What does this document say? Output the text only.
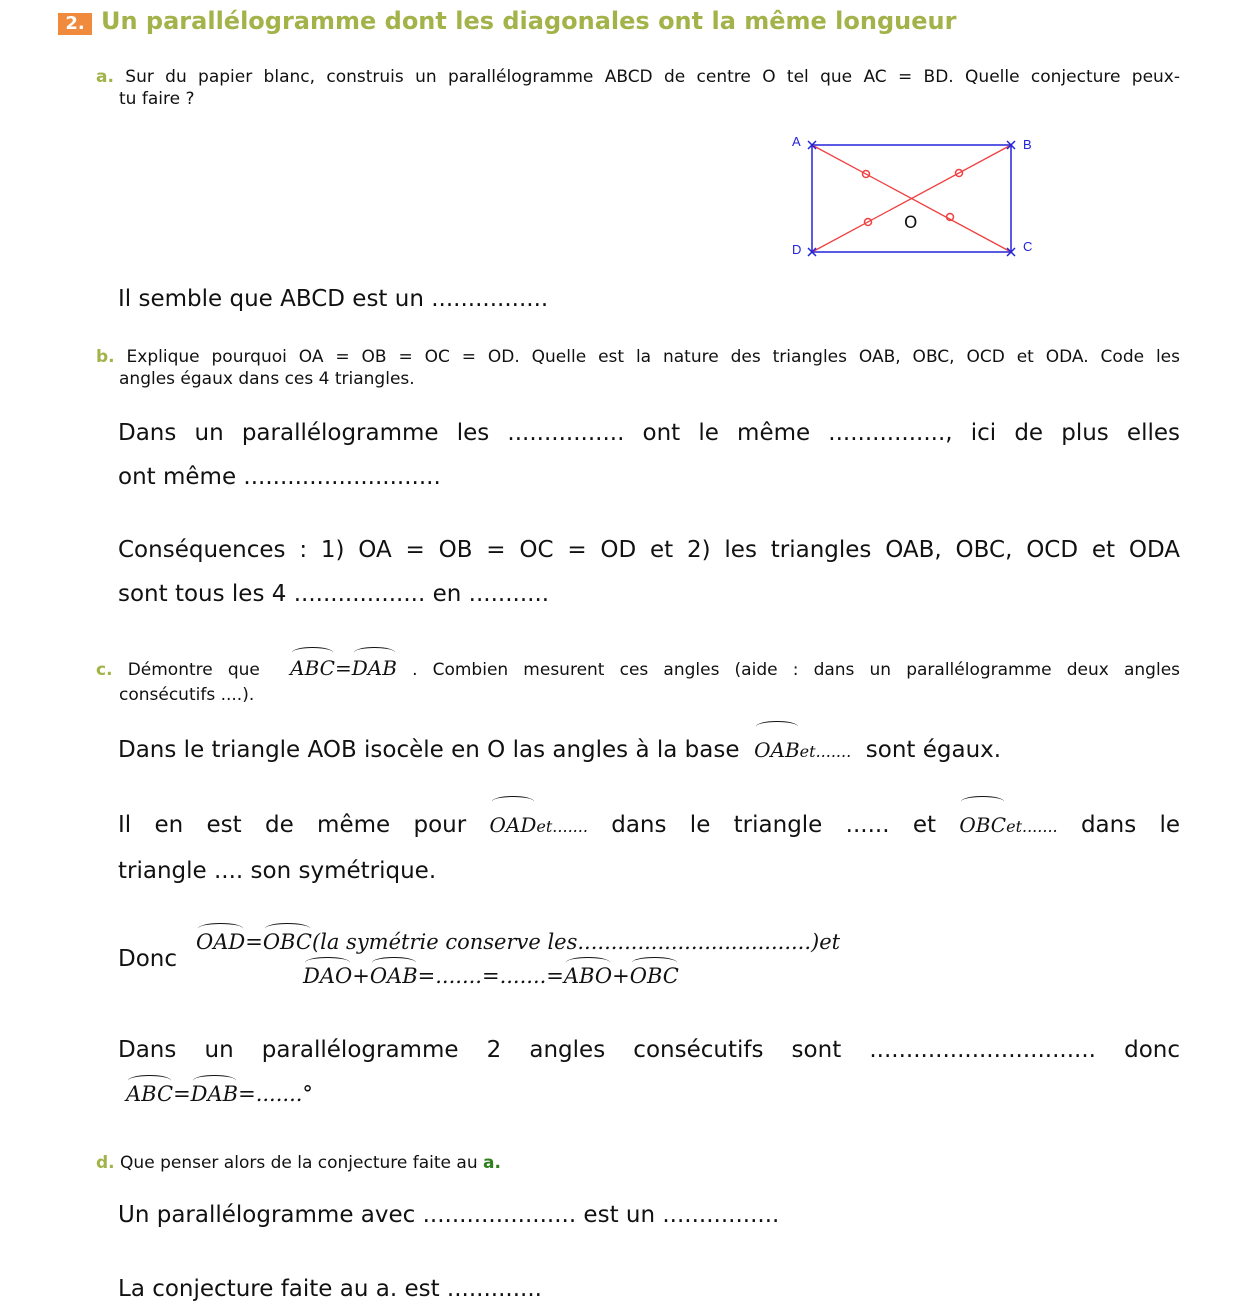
2. Un parallélogramme dont les diagonales ont la même longueur
a. Sur du papier blanc, construis un parallélogramme ABCD de centre O tel que AC = BD. Quelle conjecture peux-
tu faire ?
A	B
C
D
O
Il semble que ABCD est un ................
b. Explique pourquoi OA = OB = OC = OD. Quelle est la nature des triangles OAB, OBC, OCD et ODA. Code les
angles égaux dans ces 4 triangles.
Dans un parallélogramme les ................ ont le même ................, ici de plus elles
ont même ...........................
Conséquences : 1) OA = OB = OC = OD et 2) les triangles OAB, OBC, OCD et ODA
sont tous les 4 .................. en ...........
c. Démontre que ABC=DAB . Combien mesurent ces angles (aide : dans un parallélogramme deux angles
consécutifs ....).
Dans le triangle AOB isocèle en O las angles à la base OABet....... sont égaux.
Il en est de même pour OADet....... dans le triangle ...... et OBCet....... dans le
triangle .... son symétrique.
Donc
OAD=OBC(la symétrie conserve les...................................)et
DAO+OAB=.......=.......=ABO+OBC
Dans un parallélogramme 2 angles consécutifs sont ............................... donc
ABC=DAB=.......°
d. Que penser alors de la conjecture faite au a.
Un parallélogramme avec ..................... est un ................
La conjecture faite au a. est .............
